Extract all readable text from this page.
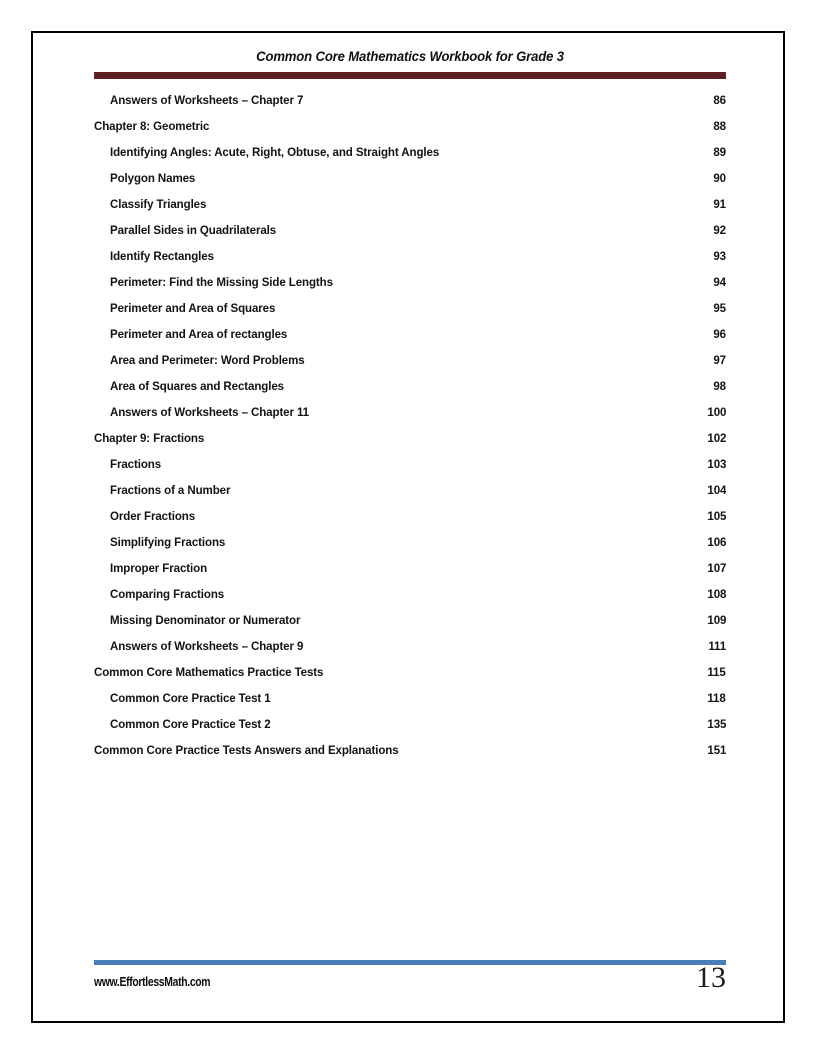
Common Core Mathematics Workbook for Grade 3
Answers of Worksheets – Chapter 7	86
Chapter 8: Geometric	88
Identifying Angles: Acute, Right, Obtuse, and Straight Angles	89
Polygon Names	90
Classify Triangles	91
Parallel Sides in Quadrilaterals	92
Identify Rectangles	93
Perimeter: Find the Missing Side Lengths	94
Perimeter and Area of Squares	95
Perimeter and Area of rectangles	96
Area and Perimeter: Word Problems	97
Area of Squares and Rectangles	98
Answers of Worksheets – Chapter 11	100
Chapter 9: Fractions	102
Fractions	103
Fractions of a Number	104
Order Fractions	105
Simplifying Fractions	106
Improper Fraction	107
Comparing Fractions	108
Missing Denominator or Numerator	109
Answers of Worksheets – Chapter 9	111
Common Core Mathematics Practice Tests	115
Common Core Practice Test 1	118
Common Core Practice Test 2	135
Common Core Practice Tests Answers and Explanations	151
www.EffortlessMath.com	13
